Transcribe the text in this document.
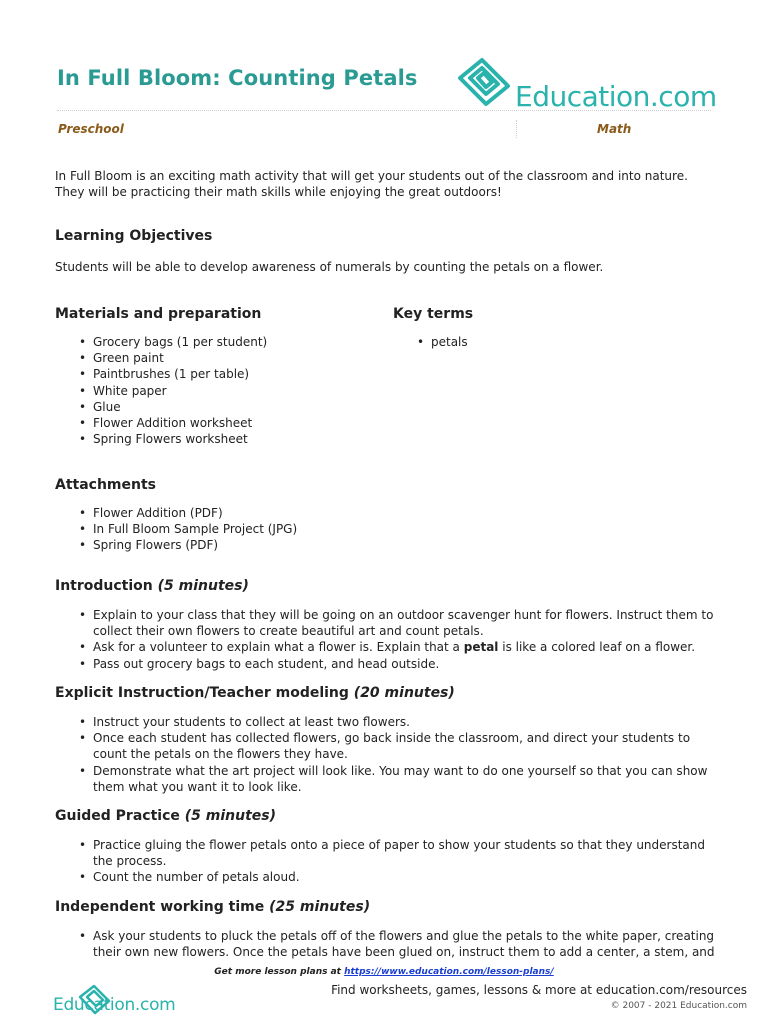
In Full Bloom: Counting Petals
Education.com
Preschool	Math

In Full Bloom is an exciting math activity that will get your students out of the classroom and into nature. They will be practicing their math skills while enjoying the great outdoors!

Learning Objectives

Students will be able to develop awareness of numerals by counting the petals on a flower.

Materials and preparation
• Grocery bags (1 per student)
• Green paint
• Paintbrushes (1 per table)
• White paper
• Glue
• Flower Addition worksheet
• Spring Flowers worksheet
Key terms
• petals
Attachments
• Flower Addition (PDF)
• In Full Bloom Sample Project (JPG)
• Spring Flowers (PDF)
Introduction (5 minutes)
• Explain to your class that they will be going on an outdoor scavenger hunt for flowers. Instruct them to collect their own flowers to create beautiful art and count petals.
• Ask for a volunteer to explain what a flower is. Explain that a petal is like a colored leaf on a flower.
• Pass out grocery bags to each student, and head outside.
Explicit Instruction/Teacher modeling (20 minutes)
• Instruct your students to collect at least two flowers.
• Once each student has collected flowers, go back inside the classroom, and direct your students to count the petals on the flowers they have.
• Demonstrate what the art project will look like. You may want to do one yourself so that you can show them what you want it to look like.
Guided Practice (5 minutes)
• Practice gluing the flower petals onto a piece of paper to show your students so that they understand the process.
• Count the number of petals aloud.
Independent working time (25 minutes)
• Ask your students to pluck the petals off of the flowers and glue the petals to the white paper, creating their own new flowers. Once the petals have been glued on, instruct them to add a center, a stem, and
Get more lesson plans at https://www.education.com/lesson-plans/
Education.com
Find worksheets, games, lessons & more at education.com/resources
© 2007 - 2021 Education.com
